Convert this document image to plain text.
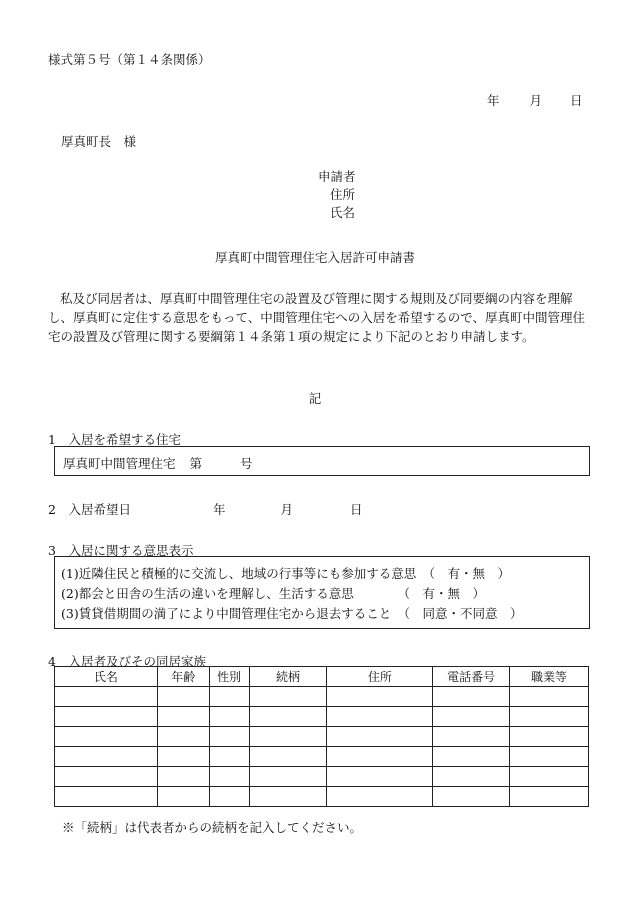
様式第５号（第１４条関係）
年 月 日
厚真町長　様
申請者
住所
氏名
厚真町中間管理住宅入居許可申請書
私及び同居者は、厚真町中間管理住宅の設置及び管理に関する規則及び同要綱の内容を理解し、厚真町に定住する意思をもって、中間管理住宅への入居を希望するので、厚真町中間管理住宅の設置及び管理に関する要綱第１４条第１項の規定により下記のとおり申請します。
記
1　入居を希望する住宅
厚真町中間管理住宅 第	号
2　入居希望日	年	月	日
3　入居に関する意思表示
(1)近隣住民と積極的に交流し、地域の行事等にも参加する意思　（　有・無　）
(2)都会と田舎の生活の違いを理解し、生活する意思　　　　（　有・無　）
(3)賃貸借期間の満了により中間管理住宅から退去すること　（　同意・不同意　）
4　入居者及びその同居家族
氏名	年齢	性別	続柄	住所	電話番号	職業等

※「続柄」は代表者からの続柄を記入してください。
